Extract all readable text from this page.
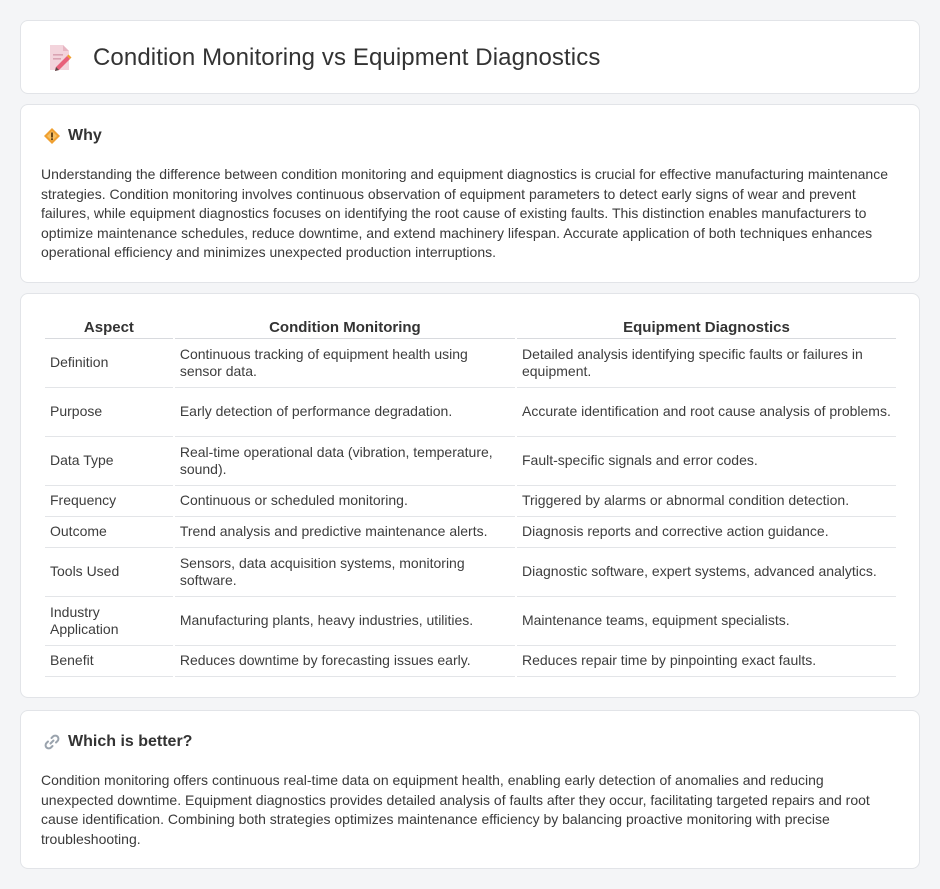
Condition Monitoring vs Equipment Diagnostics
Why

Understanding the difference between condition monitoring and equipment diagnostics is crucial for effective manufacturing maintenance strategies. Condition monitoring involves continuous observation of equipment parameters to detect early signs of wear and prevent failures, while equipment diagnostics focuses on identifying the root cause of existing faults. This distinction enables manufacturers to optimize maintenance schedules, reduce downtime, and extend machinery lifespan. Accurate application of both techniques enhances operational efficiency and minimizes unexpected production interruptions.

Aspect	Condition Monitoring	Equipment Diagnostics
Definition	Continuous tracking of equipment health using sensor data.	Detailed analysis identifying specific faults or failures in equipment.
Purpose	Early detection of performance degradation.	Accurate identification and root cause analysis of problems.
Data Type	Real-time operational data (vibration, temperature, sound).	Fault-specific signals and error codes.
Frequency	Continuous or scheduled monitoring.	Triggered by alarms or abnormal condition detection.
Outcome	Trend analysis and predictive maintenance alerts.	Diagnosis reports and corrective action guidance.
Tools Used	Sensors, data acquisition systems, monitoring software.	Diagnostic software, expert systems, advanced analytics.
Industry Application	Manufacturing plants, heavy industries, utilities.	Maintenance teams, equipment specialists.
Benefit	Reduces downtime by forecasting issues early.	Reduces repair time by pinpointing exact faults.
Which is better?

Condition monitoring offers continuous real-time data on equipment health, enabling early detection of anomalies and reducing unexpected downtime. Equipment diagnostics provides detailed analysis of faults after they occur, facilitating targeted repairs and root cause identification. Combining both strategies optimizes maintenance efficiency by balancing proactive monitoring with precise troubleshooting.
